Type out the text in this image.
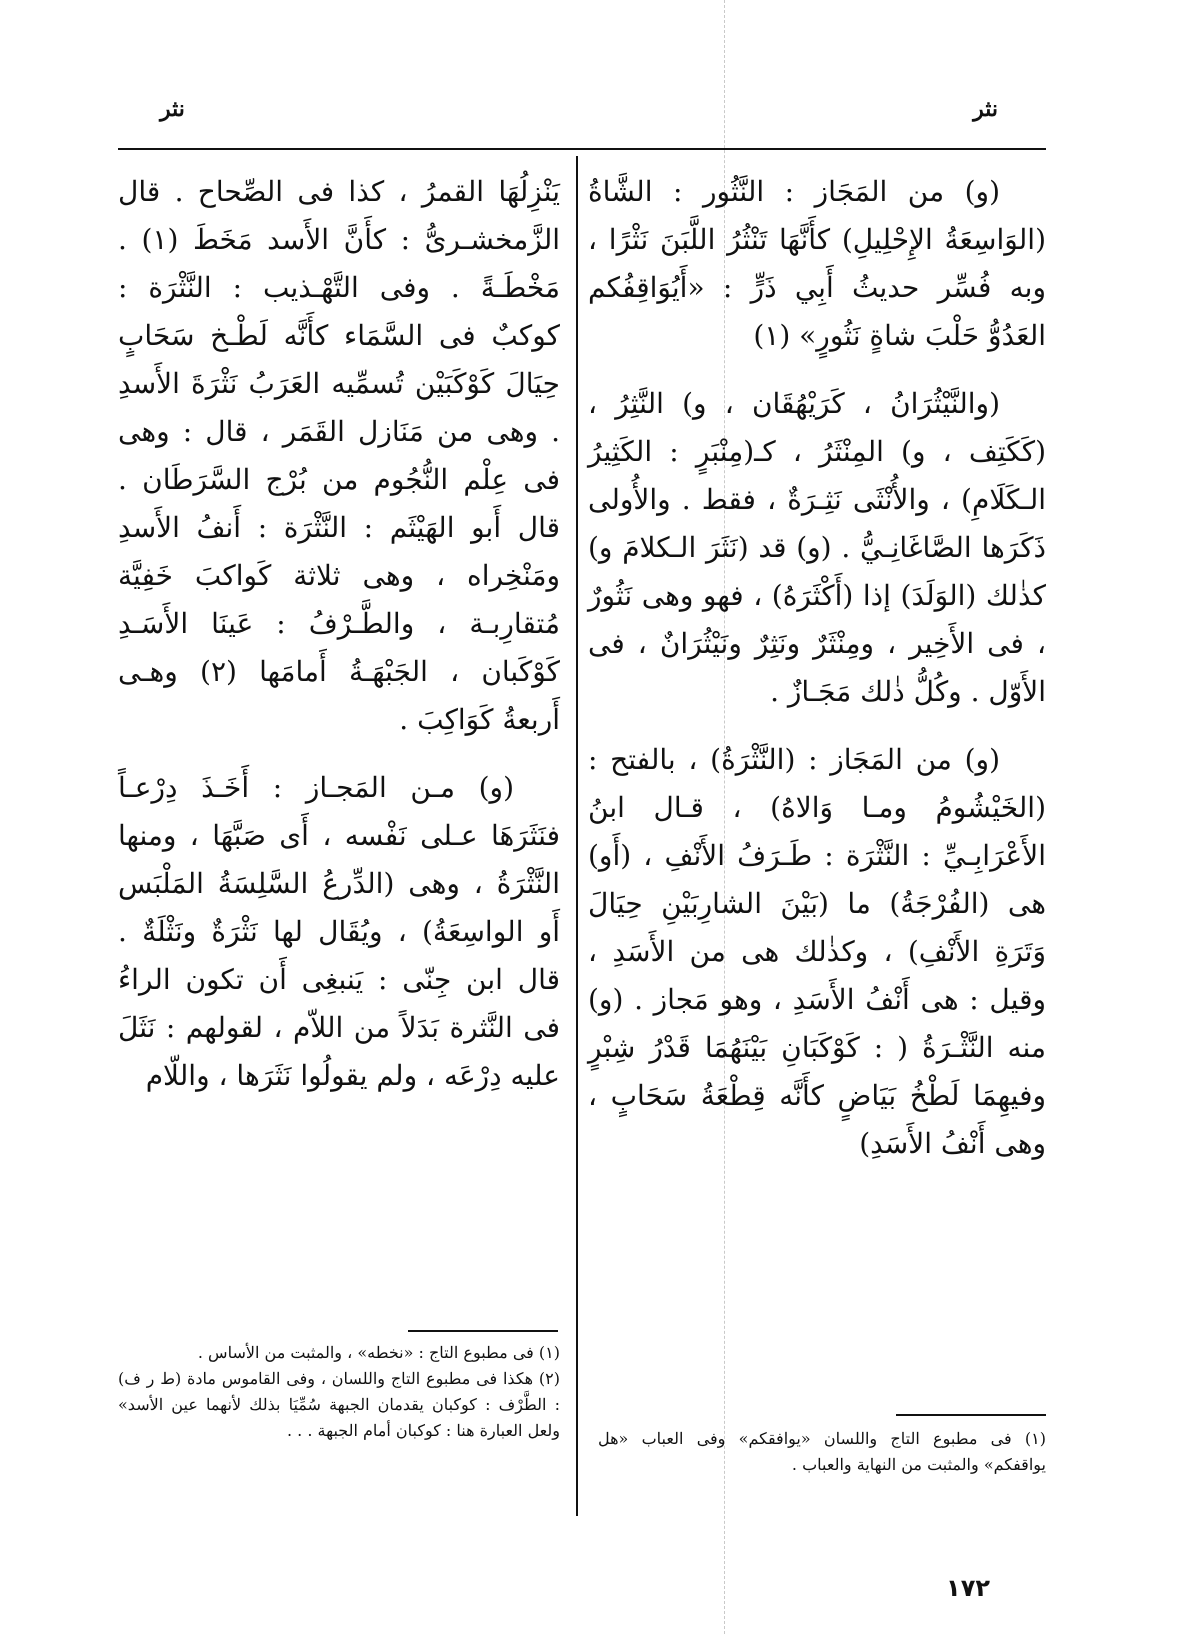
نثر
نثر

(و) من المَجَاز : النَّثُور : الشَّاةُ (الوَاسِعَةُ الإِحْلِيلِ) كأَنَّهَا تَنْثُرُ اللَّبَنَ نَثْرًا ، وبه فُسِّر حديثُ أَبِي ذَرٍّ : «أَيُوَاقِفُكم العَدُوُّ حَلْبَ شاةٍ نَثُورٍ» (١)

(والنَّيْثُرَانُ ، كَرَيْهُقَان ، و) النَّثِرُ ، (كَكَتِف ، و) المِنْثَرُ ، كـ(مِنْبَرٍ : الكَثِيرُ الـكَلَامِ) ، والأُنْثَى نَثِـرَةٌ ، فقط . والأُولى ذَكَرَها الصَّاغَانِـيُّ . (و) قد (نَثَرَ الـكلامَ و) كذٰلك (الوَلَدَ) إذا (أَكْثَرَهُ) ، فهو وهى نَثُورٌ ، فى الأَخِير ، ومِنْثَرٌ ونَثِرٌ ونَيْثُرَانٌ ، فى الأَوّل . وكُلُّ ذٰلك مَجَـازٌ .

(و) من المَجَاز : (النَّثْرَةُ) ، بالفتح : (الخَيْشُومُ ومـا وَالاهُ) ، قـال ابنُ الأَعْرَابِـيِّ : النَّثْرَة : طَـرَفُ الأَنْفِ ، (أَو) هى (الفُرْجَةُ) ما (بَيْنَ الشارِبَيْنِ حِيَالَ وَتَرَةِ الأَنْفِ) ، وكذٰلك هى من الأَسَدِ ، وقيل : هى أَنْفُ الأَسَدِ ، وهو مَجاز . (و) منه النَّثْـرَةُ ( : كَوْكَبَانِ بَيْنَهُمَا قَدْرُ شِبْرٍ وفيهِمَا لَطْخُ بَيَاضٍ كأَنَّه قِطْعَةُ سَحَابٍ ، وهى أَنْفُ الأَسَدِ)

يَنْزِلُهَا القمرُ ، كذا فى الصِّحاح . قال الزَّمخشـرىُّ : كأَنَّ الأَسد مَخَطَ (١) . مَخْطَـةً . وفى التَّهْـذيب : النَّثْرَة : كوكبٌ فى السَّمَاء كأَنَّه لَطْـخ سَحَابٍ حِيَالَ كَوْكَبَيْن تُسمِّيه العَرَبُ نَثْرَةَ الأَسدِ . وهى من مَنَازل القَمَر ، قال : وهى فى عِلْم النُّجُوم من بُرْج السَّرَطَان . قال أَبو الهَيْثَم : النَّثْرَة : أَنفُ الأَسدِ ومَنْخِراه ، وهى ثلاثة كَواكبَ خَفِيَّة مُتقارِبـة ، والطَّـرْفُ : عَينَا الأَسَـدِ كَوْكَبان ، الجَبْهَـةُ أَمامَها (٢) وهـى أَربعةُ كَوَاكِبَ .

(و) مـن المَجـاز : أَخَـذَ دِرْعـاً فنَثَرَهَا عـلى نَفْسه ، أَى صَبَّهَا ، ومنها النَّثْرَةُ ، وهى (الدِّرعُ السَّلِسَةُ المَلْبَس أَو الواسِعَةُ) ، ويُقَال لها نَثْرَةٌ ونَثْلَةٌ . قال ابن جِنّى : يَنبغِى أَن تكون الراءُ فى النَّثرة بَدَلاً من اللاّم ، لقولهم : نَثَلَ عليه دِرْعَه ، ولم يقولُوا نَثَرَها ، واللّام

(١) فى مطبوع التاج واللسان «يوافقكم» وفى العباب «هل يواقفكم» والمثبت من النهاية والعباب .

(١) فى مطبوع التاج : «نخطه» ، والمثبت من الأساس .

(٢) هكذا فى مطبوع التاج واللسان ، وفى القاموس مادة (ط ر ف) : الطَّرْف : كوكبان يقدمان الجبهة سُمِّيَا بذلك لأنهما عين الأسد» ولعل العبارة هنا : كوكبان أمام الجبهة . . .

١٧٢
